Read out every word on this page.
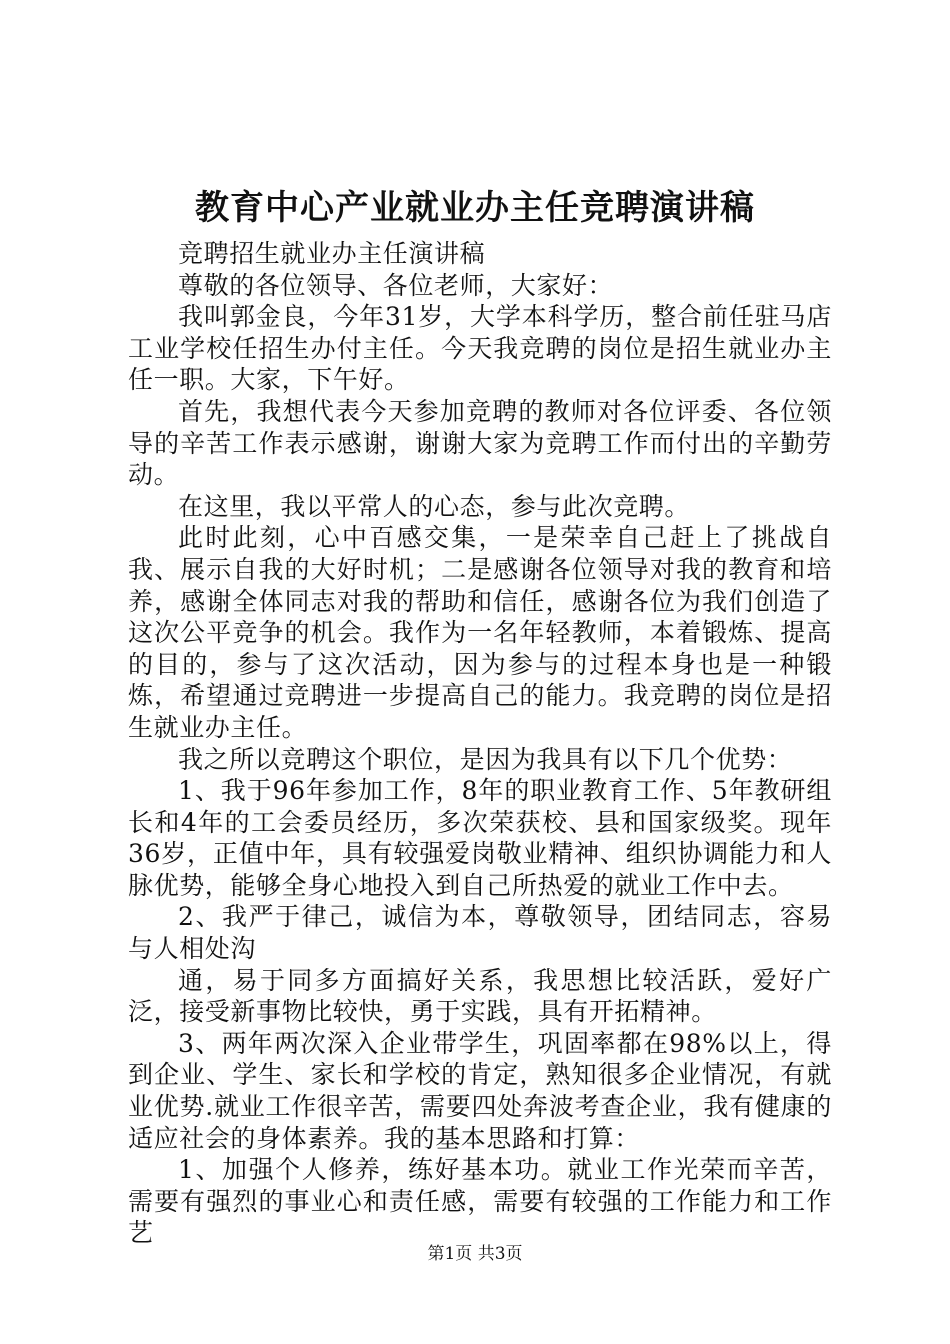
教育中心产业就业办主任竞聘演讲稿

竞聘招生就业办主任演讲稿

尊敬的各位领导、各位老师，大家好：

我叫郭金良，今年31岁，大学本科学历，整合前任驻马店工业学校任招生办付主任。今天我竞聘的岗位是招生就业办主任一职。大家，下午好。

首先，我想代表今天参加竞聘的教师对各位评委、各位领导的辛苦工作表示感谢，谢谢大家为竞聘工作而付出的辛勤劳动。

在这里，我以平常人的心态，参与此次竞聘。

此时此刻，心中百感交集，一是荣幸自己赶上了挑战自我、展示自我的大好时机；二是感谢各位领导对我的教育和培养，感谢全体同志对我的帮助和信任，感谢各位为我们创造了这次公平竞争的机会。我作为一名年轻教师，本着锻炼、提高的目的，参与了这次活动，因为参与的过程本身也是一种锻炼，希望通过竞聘进一步提高自己的能力。我竞聘的岗位是招生就业办主任。

我之所以竞聘这个职位，是因为我具有以下几个优势：

1、我于96年参加工作，8年的职业教育工作、5年教研组长和4年的工会委员经历，多次荣获校、县和国家级奖。现年36岁，正值中年，具有较强爱岗敬业精神、组织协调能力和人脉优势，能够全身心地投入到自己所热爱的就业工作中去。

2、我严于律己，诚信为本，尊敬领导，团结同志，容易与人相处沟

通，易于同多方面搞好关系，我思想比较活跃，爱好广泛，接受新事物比较快，勇于实践，具有开拓精神。

3、两年两次深入企业带学生，巩固率都在98%以上，得到企业、学生、家长和学校的肯定，熟知很多企业情况，有就业优势.就业工作很辛苦，需要四处奔波考查企业，我有健康的适应社会的身体素养。我的基本思路和打算：

1、加强个人修养，练好基本功。就业工作光荣而辛苦，需要有强烈的事业心和责任感，需要有较强的工作能力和工作艺

第1页 共3页
